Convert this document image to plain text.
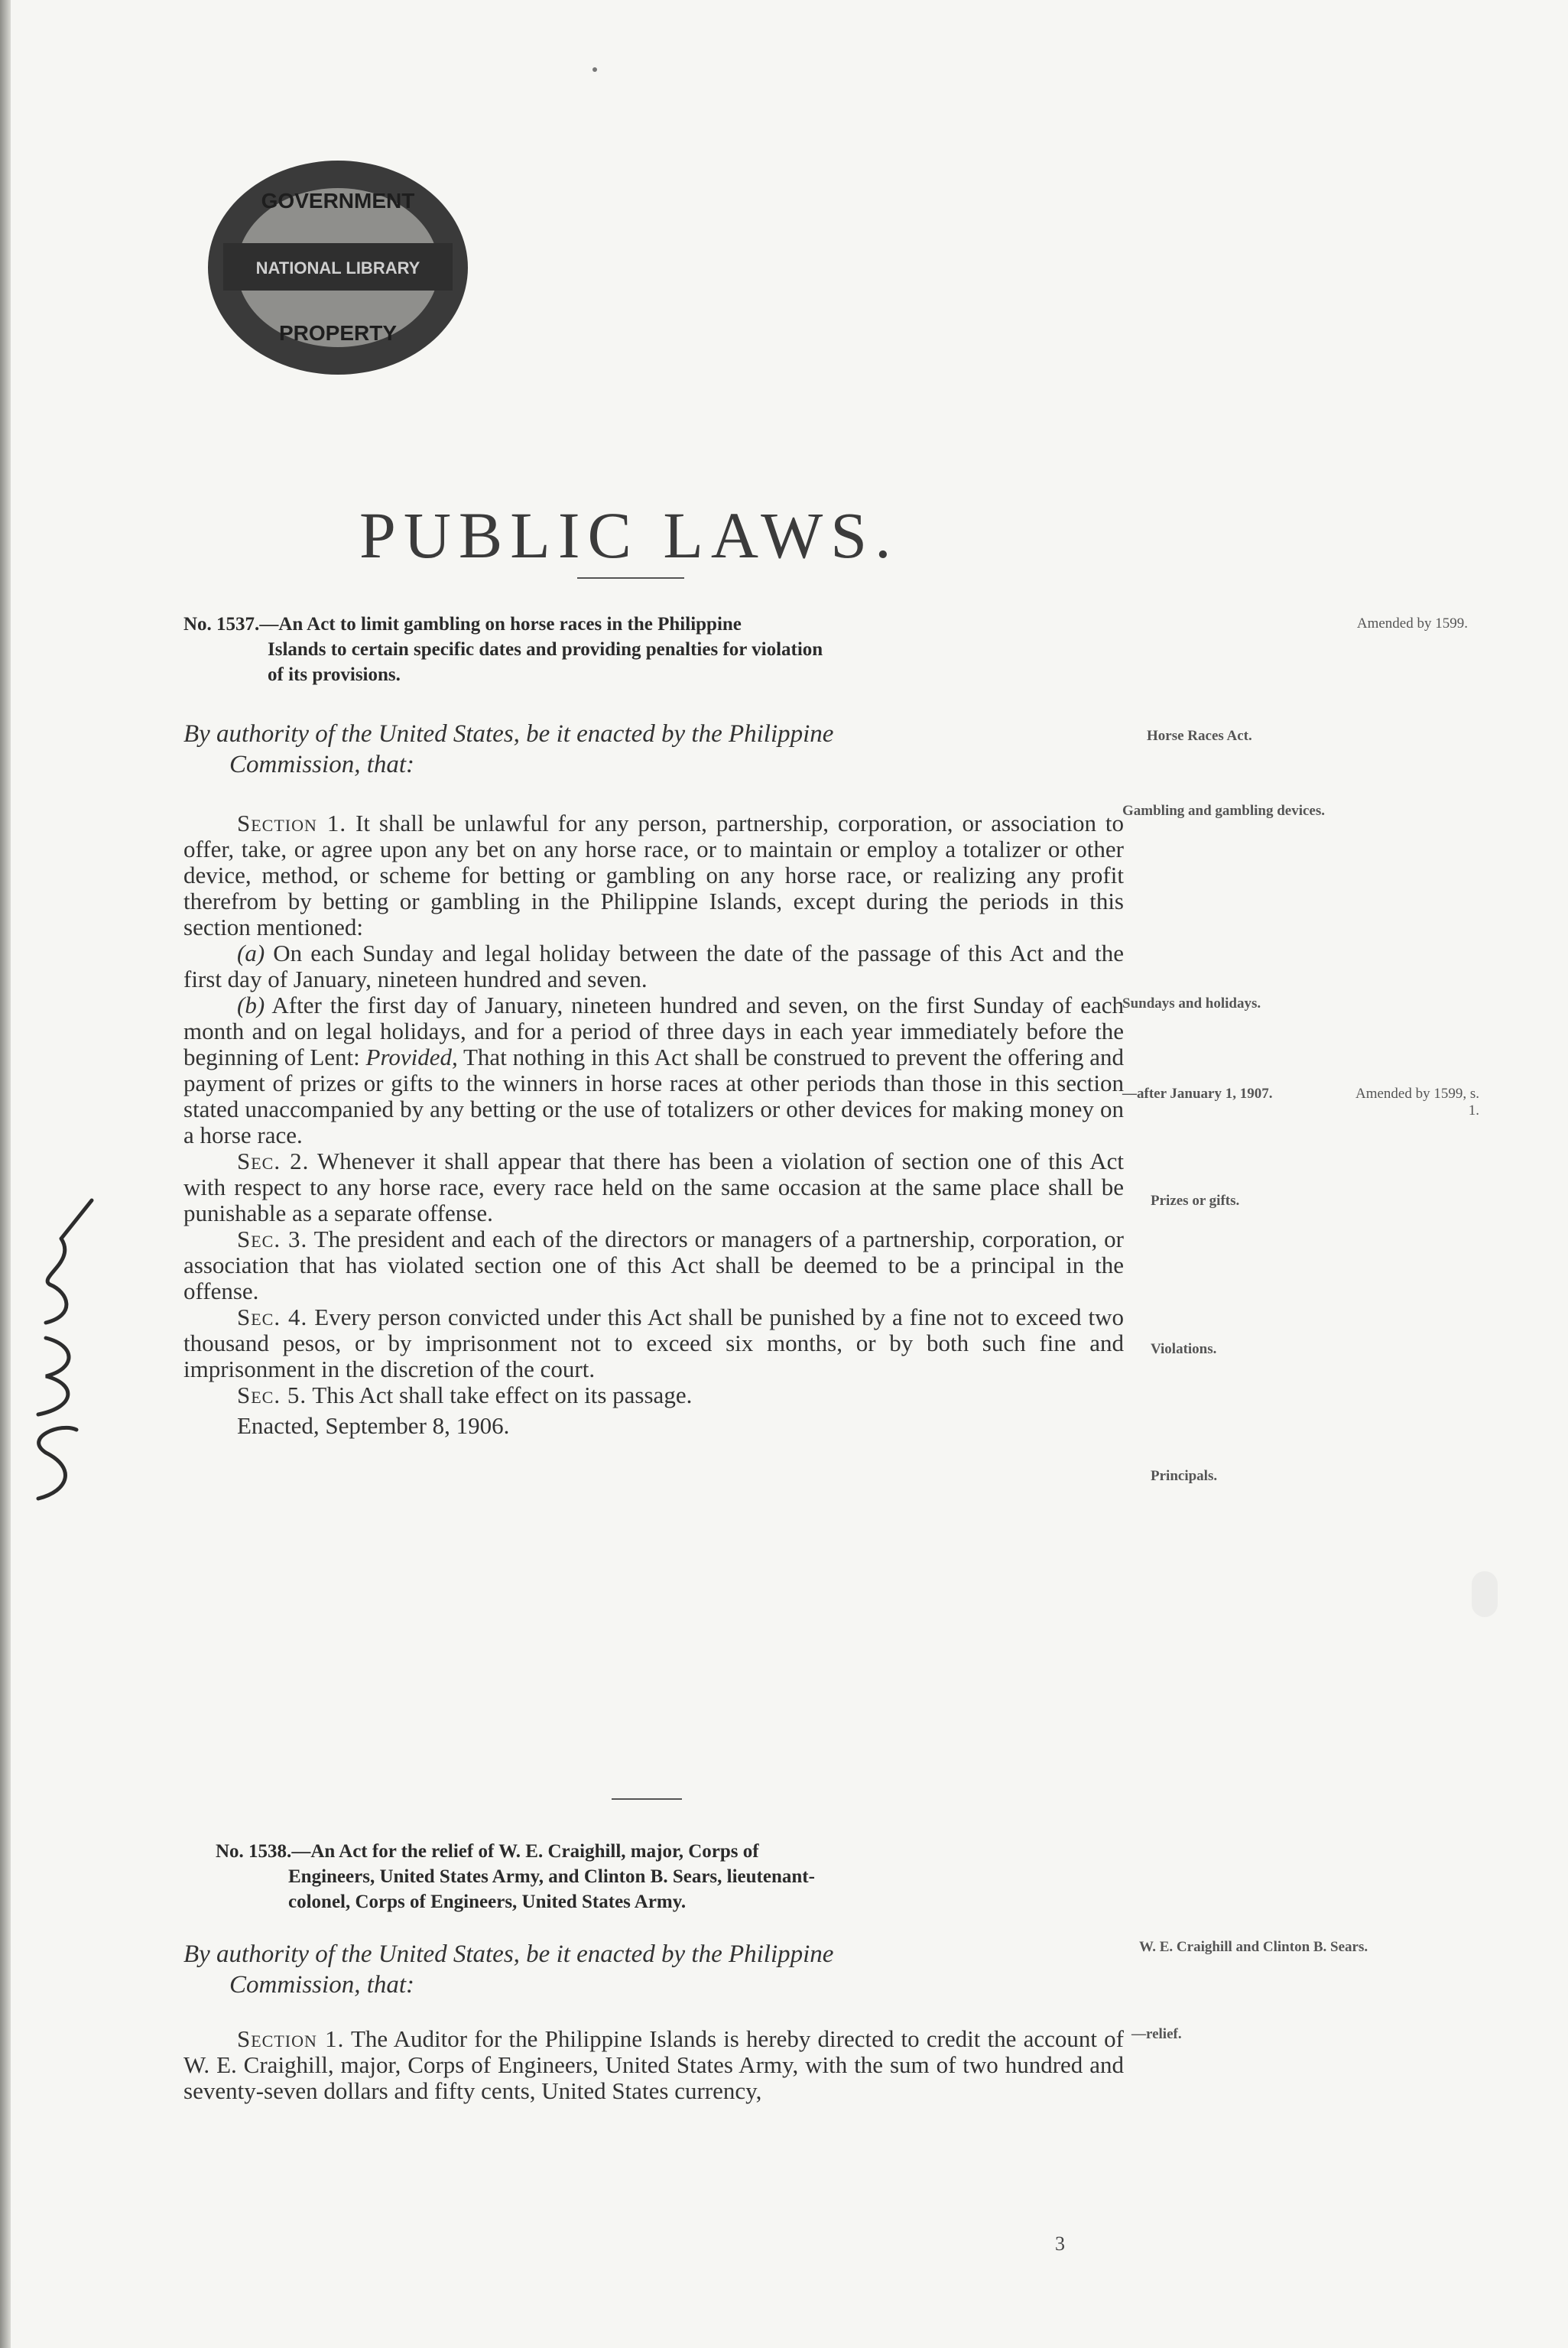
GOVERNMENT
NATIONAL LIBRARY
PROPERTY
PUBLIC LAWS.
No. 1537.—An Act to limit gambling on horse races in the Philippine
Islands to certain specific dates and providing penalties for violation
of its provisions.
Amended by 1599.
By authority of the United States, be it enacted by the Philippine
Commission, that:
Horse Races Act.

Section 1. It shall be unlawful for any person, partnership, corporation, or association to offer, take, or agree upon any bet on any horse race, or to maintain or employ a totalizer or other device, method, or scheme for betting or gambling on any horse race, or realizing any profit therefrom by betting or gambling in the Philippine Islands, except during the periods in this section mentioned:

(a) On each Sunday and legal holiday between the date of the passage of this Act and the first day of January, nineteen hundred and seven.

(b) After the first day of January, nineteen hundred and seven, on the first Sunday of each month and on legal holidays, and for a period of three days in each year immediately before the beginning of Lent: Provided, That nothing in this Act shall be construed to prevent the offering and payment of prizes or gifts to the winners in horse races at other periods than those in this section stated unaccompanied by any betting or the use of totalizers or other devices for making money on a horse race.

Sec. 2. Whenever it shall appear that there has been a violation of section one of this Act with respect to any horse race, every race held on the same occasion at the same place shall be punishable as a separate offense.

Sec. 3. The president and each of the directors or managers of a partnership, corporation, or association that has violated section one of this Act shall be deemed to be a principal in the offense.

Sec. 4. Every person convicted under this Act shall be punished by a fine not to exceed two thousand pesos, or by imprisonment not to exceed six months, or by both such fine and imprisonment in the discretion of the court.

Sec. 5. This Act shall take effect on its passage.

Enacted, September 8, 1906.

Gambling and gambling devices.
Sundays and holidays.
—after January 1, 1907.	Amended by 1599, s. 1.
Prizes or gifts.
Violations.
Principals.
No. 1538.—An Act for the relief of W. E. Craighill, major, Corps of
Engineers, United States Army, and Clinton B. Sears, lieutenant-
colonel, Corps of Engineers, United States Army.
By authority of the United States, be it enacted by the Philippine
Commission, that:
W. E. Craighill and Clinton B. Sears.

Section 1. The Auditor for the Philippine Islands is hereby directed to credit the account of W. E. Craighill, major, Corps of Engineers, United States Army, with the sum of two hundred and seventy-seven dollars and fifty cents, United States currency,

—relief.
3
